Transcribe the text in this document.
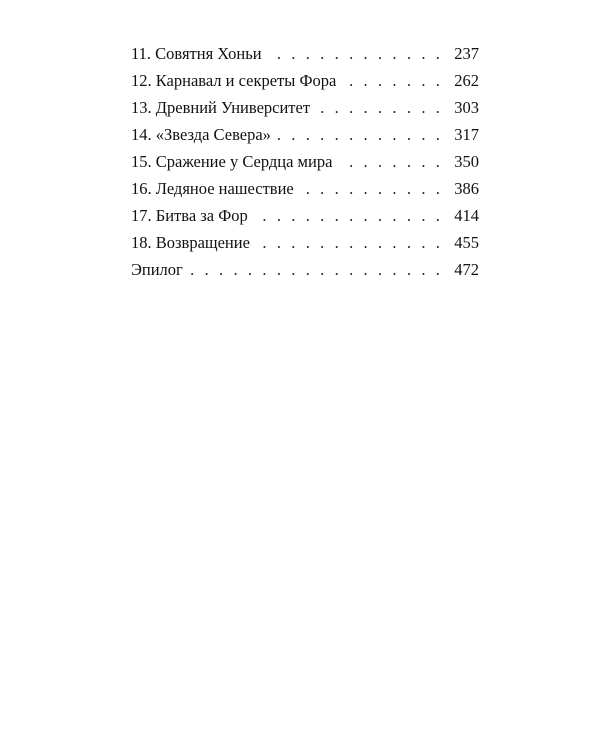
11. Совятня Хоньи . . .	237
12. Карнавал и секреты Фора . . .	262
13. Древний Университет . . .	303
14. «Звезда Севера» . . .	317
15. Сражение у Сердца мира . . .	350
16. Ледяное нашествие . . .	386
17. Битва за Фор . . .	414
18. Возвращение . . .	455
Эпилог . . .	472
